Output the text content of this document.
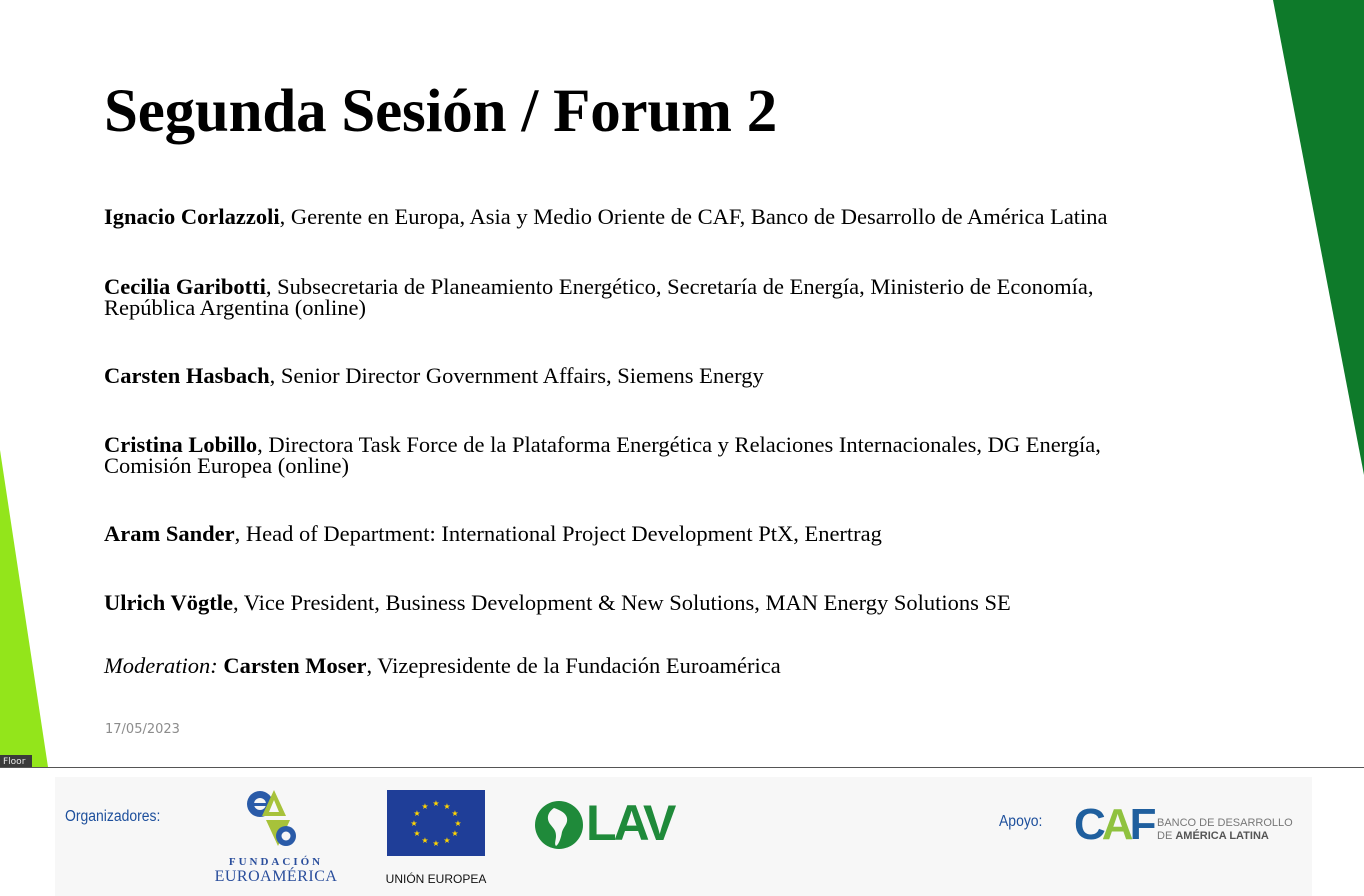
Segunda Sesión / Forum 2
Ignacio Corlazzoli, Gerente en Europa, Asia y Medio Oriente de CAF, Banco de Desarrollo de América Latina
Cecilia Garibotti, Subsecretaria de Planeamiento Energético, Secretaría de Energía, Ministerio de Economía,
República Argentina (online)
Carsten Hasbach, Senior Director Government Affairs, Siemens Energy
Cristina Lobillo, Directora Task Force de la Plataforma Energética y Relaciones Internacionales, DG Energía,
Comisión Europea (online)
Aram Sander, Head of Department: International Project Development PtX, Enertrag
Ulrich Vögtle, Vice President, Business Development & New Solutions, MAN Energy Solutions SE
Moderation: Carsten Moser, Vizepresidente de la Fundación Euroamérica
17/05/2023
Floor
Organizadores:
FUNDACIÓN
EUROAMÉRICA
★ ★
★
★
★
★
★
★
★
★
★
★
UNIÓN EUROPEA
LAV	Apoyo: CAF BANCO DE DESARROLLO
DE AMÉRICA LATINA
